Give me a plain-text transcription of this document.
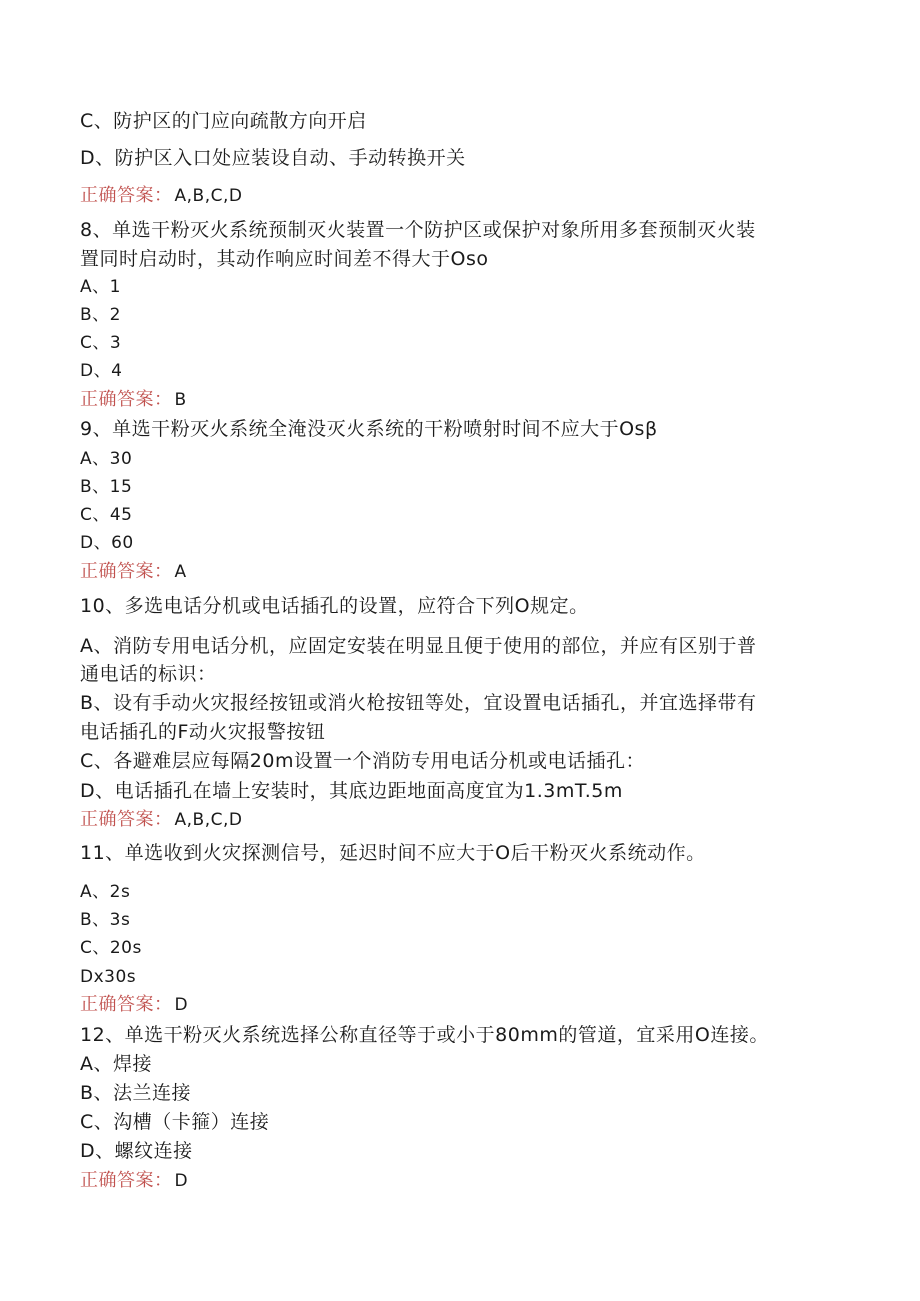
C、防护区的门应向疏散方向开启
D、防护区入口处应装设自动、手动转换开关
正确答案： A,B,C,D
8、单选干粉灭火系统预制灭火装置一个防护区或保护对象所用多套预制灭火装
置同时启动时，其动作响应时间差不得大于Oso
A、1
B、2
C、3
D、4
正确答案： B
9、单选干粉灭火系统全淹没灭火系统的干粉喷射时间不应大于Osβ
A、30
B、15
C、45
D、60
正确答案： A
10、多选电话分机或电话插孔的设置，应符合下列O规定。
A、消防专用电话分机，应固定安装在明显且便于使用的部位，并应有区别于普
通电话的标识：
B、设有手动火灾报经按钮或消火枪按钮等处，宜设置电话插孔，并宜选择带有
电话插孔的F动火灾报警按钮
C、各避难层应每隔20m设置一个消防专用电话分机或电话插孔：
D、电话插孔在墙上安装时，其底边距地面高度宜为1.3mT.5m
正确答案： A,B,C,D
11、单选收到火灾探测信号，延迟时间不应大于O后干粉灭火系统动作。
A、2s
B、3s
C、20s
Dx30s
正确答案： D
12、单选干粉灭火系统选择公称直径等于或小于80mm的管道，宜采用O连接。
A、焊接
B、法兰连接
C、沟槽（卡箍）连接
D、螺纹连接
正确答案： D
